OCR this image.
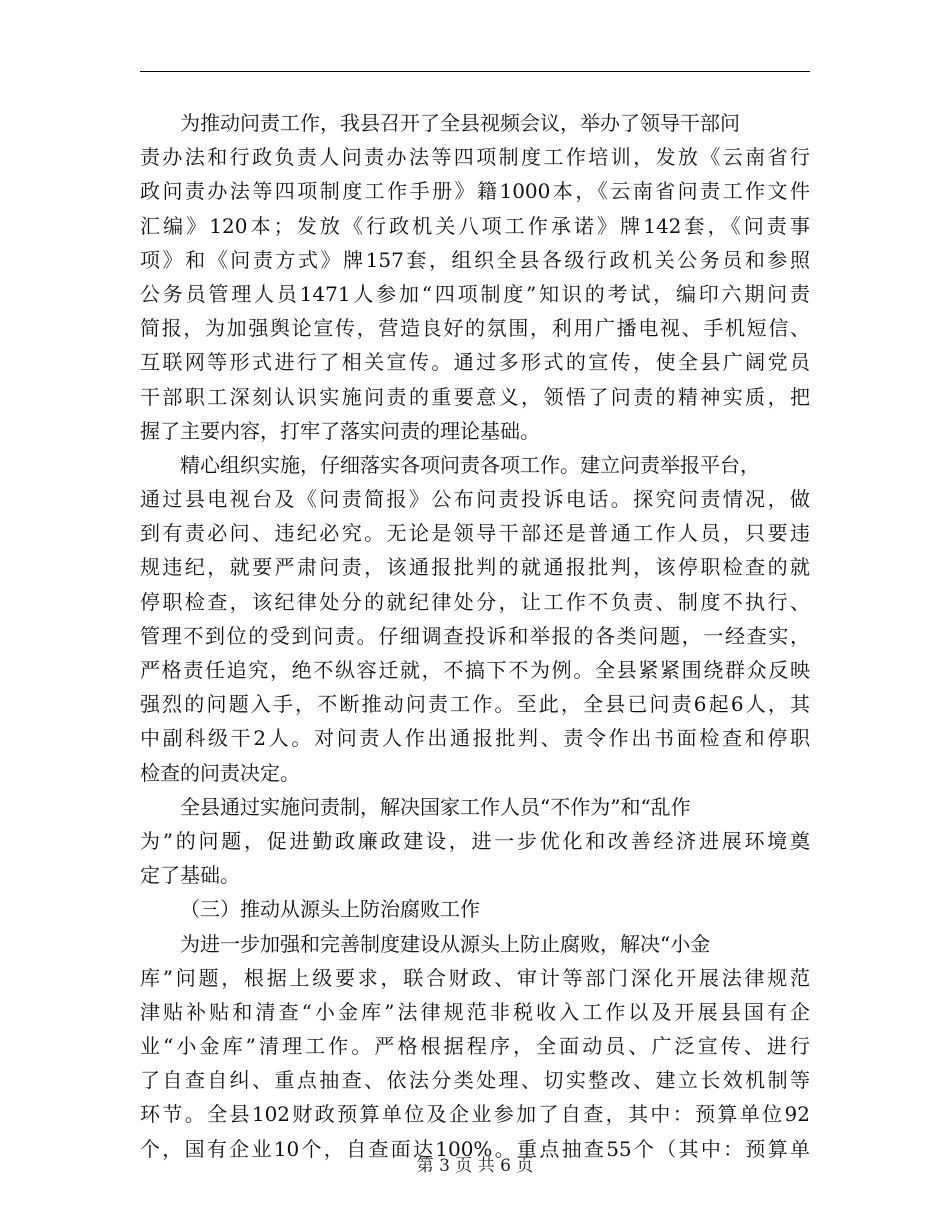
为推动问责工作，我县召开了全县视频会议，举办了领导干部问
责办法和行政负责人问责办法等四项制度工作培训，发放《云南省行
政问责办法等四项制度工作手册》籍1000本，《云南省问责工作文件
汇编》120本；发放《行政机关八项工作承诺》牌142套，《问责事
项》和《问责方式》牌157套，组织全县各级行政机关公务员和参照
公务员管理人员1471人参加“四项制度”知识的考试，编印六期问责
简报，为加强舆论宣传，营造良好的氛围，利用广播电视、手机短信、
互联网等形式进行了相关宣传。通过多形式的宣传，使全县广阔党员
干部职工深刻认识实施问责的重要意义，领悟了问责的精神实质，把
握了主要内容，打牢了落实问责的理论基础。
精心组织实施，仔细落实各项问责各项工作。建立问责举报平台，
通过县电视台及《问责简报》公布问责投诉电话。探究问责情况，做
到有责必问、违纪必究。无论是领导干部还是普通工作人员，只要违
规违纪，就要严肃问责，该通报批判的就通报批判，该停职检查的就
停职检查，该纪律处分的就纪律处分，让工作不负责、制度不执行、
管理不到位的受到问责。仔细调查投诉和举报的各类问题，一经查实，
严格责任追究，绝不纵容迁就，不搞下不为例。全县紧紧围绕群众反映
强烈的问题入手，不断推动问责工作。至此，全县已问责6起6人，其
中副科级干2人。对问责人作出通报批判、责令作出书面检查和停职
检查的问责决定。
全县通过实施问责制，解决国家工作人员“不作为”和“乱作
为”的问题，促进勤政廉政建设，进一步优化和改善经济进展环境奠
定了基础。
（三）推动从源头上防治腐败工作
为进一步加强和完善制度建设从源头上防止腐败，解决“小金
库”问题，根据上级要求，联合财政、审计等部门深化开展法律规范
津贴补贴和清查“小金库”法律规范非税收入工作以及开展县国有企
业“小金库”清理工作。严格根据程序，全面动员、广泛宣传、进行
了自查自纠、重点抽查、依法分类处理、切实整改、建立长效机制等
环节。全县102财政预算单位及企业参加了自查，其中：预算单位92
个，国有企业10个，自查面达100%。重点抽查55个（其中：预算单
第 3 页 共 6 页
